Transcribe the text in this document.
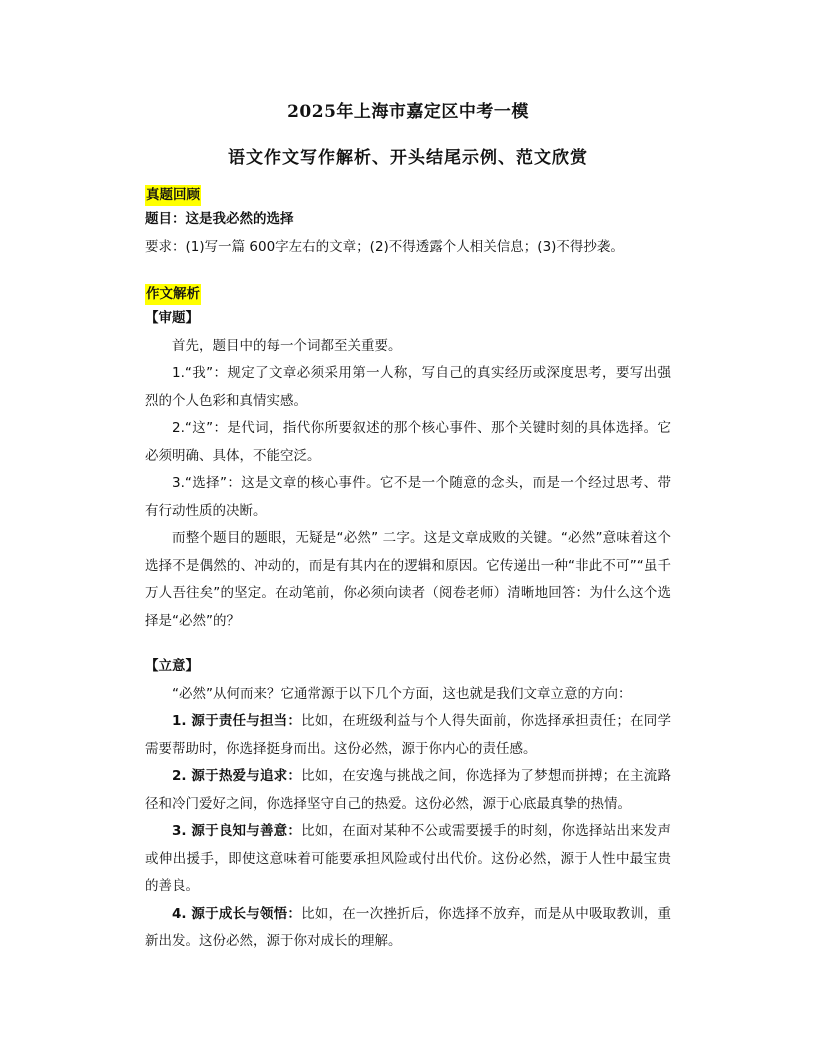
2025年上海市嘉定区中考一模
语文作文写作解析、开头结尾示例、范文欣赏
真题回顾

题目：这是我必然的选择

要求：(1)写一篇 600字左右的文章；(2)不得透露个人相关信息；(3)不得抄袭。

作文解析

【审题】

首先，题目中的每一个词都至关重要。

1.“我”：规定了文章必须采用第一人称，写自己的真实经历或深度思考，要写出强烈的个人色彩和真情实感。

2.“这”：是代词，指代你所要叙述的那个核心事件、那个关键时刻的具体选择。它必须明确、具体，不能空泛。

3.“选择”：这是文章的核心事件。它不是一个随意的念头，而是一个经过思考、带有行动性质的决断。

而整个题目的题眼，无疑是“必然” 二字。这是文章成败的关键。“必然”意味着这个选择不是偶然的、冲动的，而是有其内在的逻辑和原因。它传递出一种“非此不可”“虽千万人吾往矣”的坚定。在动笔前，你必须向读者（阅卷老师）清晰地回答：为什么这个选择是“必然”的？

【立意】

“必然”从何而来？它通常源于以下几个方面，这也就是我们文章立意的方向：

1. 源于责任与担当：比如，在班级利益与个人得失面前，你选择承担责任；在同学需要帮助时，你选择挺身而出。这份必然，源于你内心的责任感。

2. 源于热爱与追求：比如，在安逸与挑战之间，你选择为了梦想而拼搏；在主流路径和冷门爱好之间，你选择坚守自己的热爱。这份必然，源于心底最真挚的热情。

3. 源于良知与善意：比如，在面对某种不公或需要援手的时刻，你选择站出来发声或伸出援手，即使这意味着可能要承担风险或付出代价。这份必然，源于人性中最宝贵的善良。

4. 源于成长与领悟：比如，在一次挫折后，你选择不放弃，而是从中吸取教训，重新出发。这份必然，源于你对成长的理解。
